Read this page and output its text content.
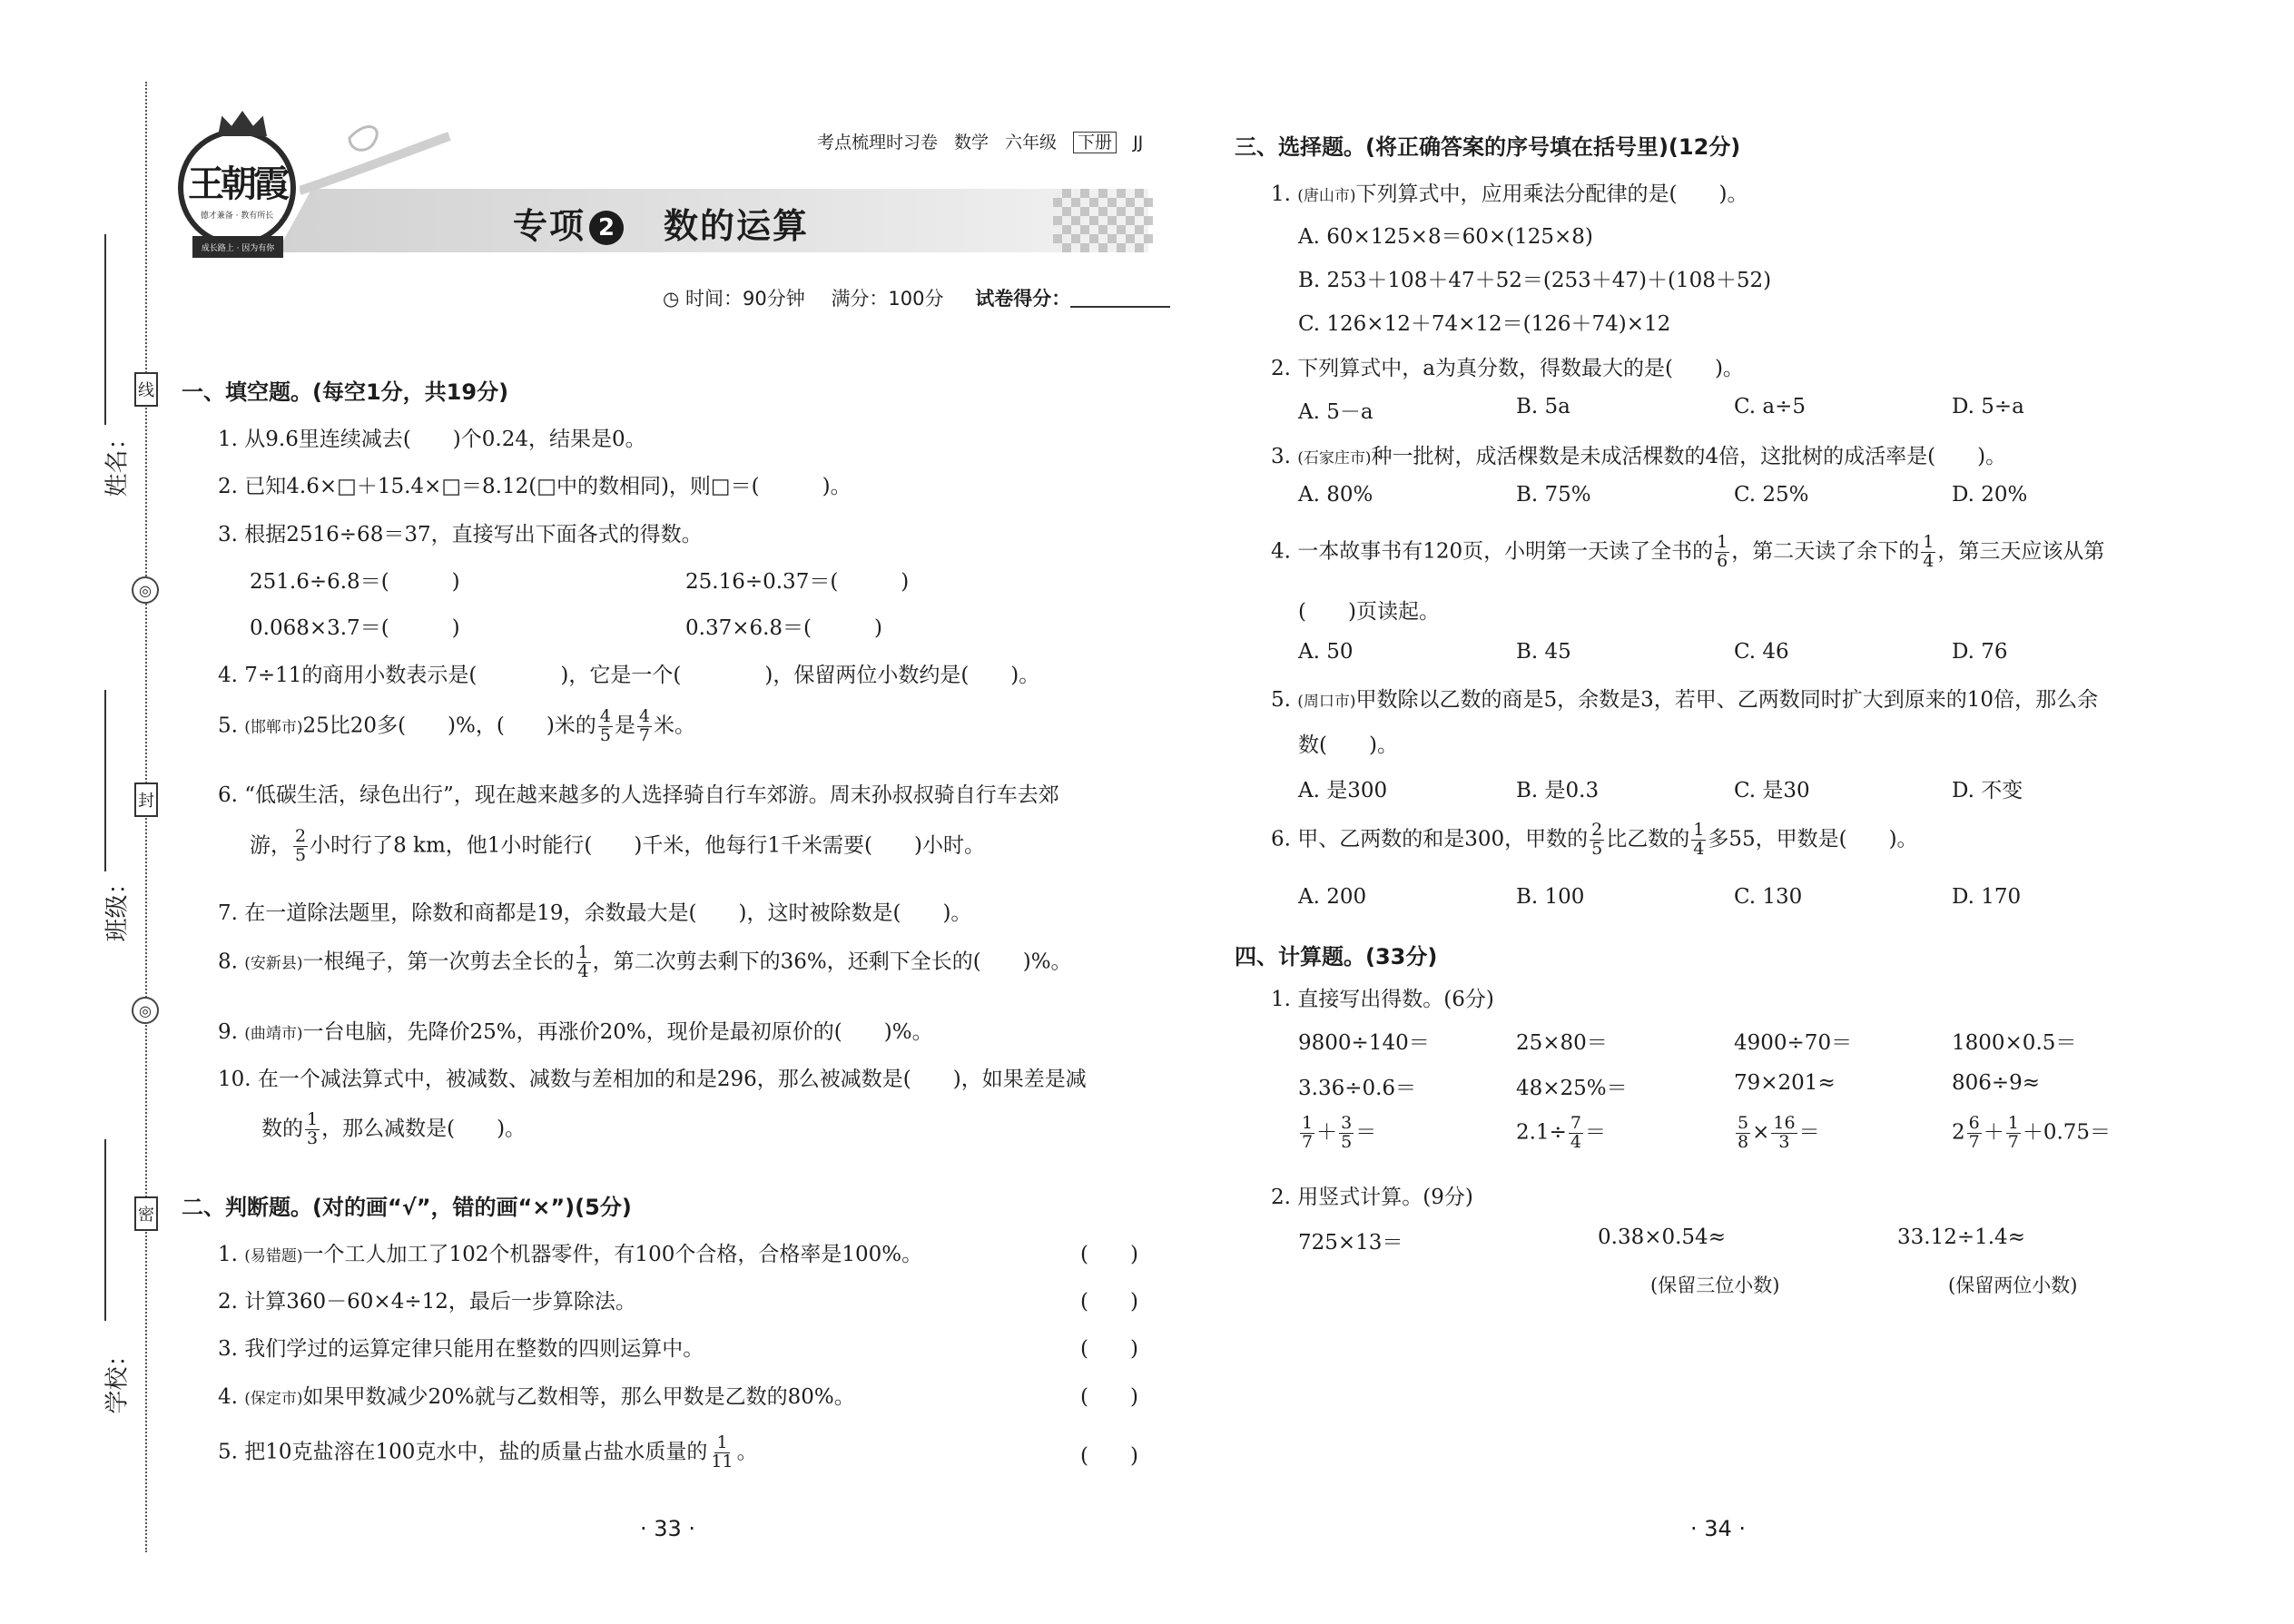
线
封
密
◎
◎
姓名：
班级：
学校：
王朝霞
德才兼备 · 教有所长
成长路上 · 因为有你
考点梳理时习卷 数学 六年级 下册 JJ
专项 2 数的运算
◷ 时间：90分钟 满分：100分 试卷得分：
一、填空题。(每空1分，共19分)
1. 从9.6里连续减去(　　)个0.24，结果是0。
2. 已知4.6×□＋15.4×□＝8.12(□中的数相同)，则□＝(　　　)。
3. 根据2516÷68＝37，直接写出下面各式的得数。
251.6÷6.8＝(　　　)	25.16÷0.37＝(　　　)
0.068×3.7＝(　　　)	0.37×6.8＝(　　　)
4. 7÷11的商用小数表示是(　　　　)，它是一个(　　　　)，保留两位小数约是(　　)。
5. (邯郸市)25比20多(　　)%，(　　)米的 $\frac{4}{5}$ 是 $\frac{4}{7}$ 米。
6. “低碳生活，绿色出行”，现在越来越多的人选择骑自行车郊游。周末孙叔叔骑自行车去郊
游， $\frac{2}{5}$ 小时行了8 km，他1小时能行(　　)千米，他每行1千米需要(　　)小时。
7. 在一道除法题里，除数和商都是19，余数最大是(　　)，这时被除数是(　　)。
8. (安新县)一根绳子，第一次剪去全长的 $\frac{1}{4}$ ，第二次剪去剩下的36%，还剩下全长的(　　)%。
9. (曲靖市)一台电脑，先降价25%，再涨价20%，现价是最初原价的(　　)%。
10. 在一个减法算式中，被减数、减数与差相加的和是296，那么被减数是(　　)，如果差是减
数的 $\frac{1}{3}$ ，那么减数是(　　)。
二、判断题。(对的画“√”，错的画“×”)(5分)
1. (易错题)一个工人加工了102个机器零件，有100个合格，合格率是100%。	(　　)
2. 计算360－60×4÷12，最后一步算除法。	(　　)
3. 我们学过的运算定律只能用在整数的四则运算中。	(　　)
4. (保定市)如果甲数减少20%就与乙数相等，那么甲数是乙数的80%。	(　　)
5. 把10克盐溶在100克水中，盐的质量占盐水质量的 $\frac{1}{11}$ 。	(　　)
· 33 ·
三、选择题。(将正确答案的序号填在括号里)(12分)
1. (唐山市)下列算式中，应用乘法分配律的是(　　)。
A. 60×125×8＝60×(125×8)
B. 253＋108＋47＋52＝(253＋47)＋(108＋52)
C. 126×12＋74×12＝(126＋74)×12
2. 下列算式中，a为真分数，得数最大的是(　　)。
A. 5－a	B. 5a	C. a÷5	D. 5÷a
3. (石家庄市)种一批树，成活棵数是未成活棵数的4倍，这批树的成活率是(　　)。
A. 80%	B. 75%	C. 25%	D. 20%
4. 一本故事书有120页，小明第一天读了全书的 $\frac{1}{6}$ ，第二天读了余下的 $\frac{1}{4}$ ，第三天应该从第
(　　)页读起。
A. 50	B. 45	C. 46	D. 76
5. (周口市)甲数除以乙数的商是5，余数是3，若甲、乙两数同时扩大到原来的10倍，那么余
数(　　)。
A. 是300	B. 是0.3	C. 是30	D. 不变
6. 甲、乙两数的和是300，甲数的 $\frac{2}{5}$ 比乙数的 $\frac{1}{4}$ 多55，甲数是(　　)。
A. 200	B. 100	C. 130	D. 170
四、计算题。(33分)
1. 直接写出得数。(6分)
9800÷140＝	25×80＝	4900÷70＝	1800×0.5＝
3.36÷0.6＝	48×25%＝	79×201≈	806÷9≈
$\frac{1}{7} + \frac{3}{5}$ ＝	$2.1\div \frac{7}{4}$ ＝	$\frac{5}{8} \times \frac{16}{3}$ ＝	$2 \frac{6}{7} + \frac{1}{7} +0.75=$
2. 用竖式计算。(9分)
725×13＝	0.38×0.54≈	33.12÷1.4≈
(保留三位小数)	(保留两位小数)
· 34 ·
